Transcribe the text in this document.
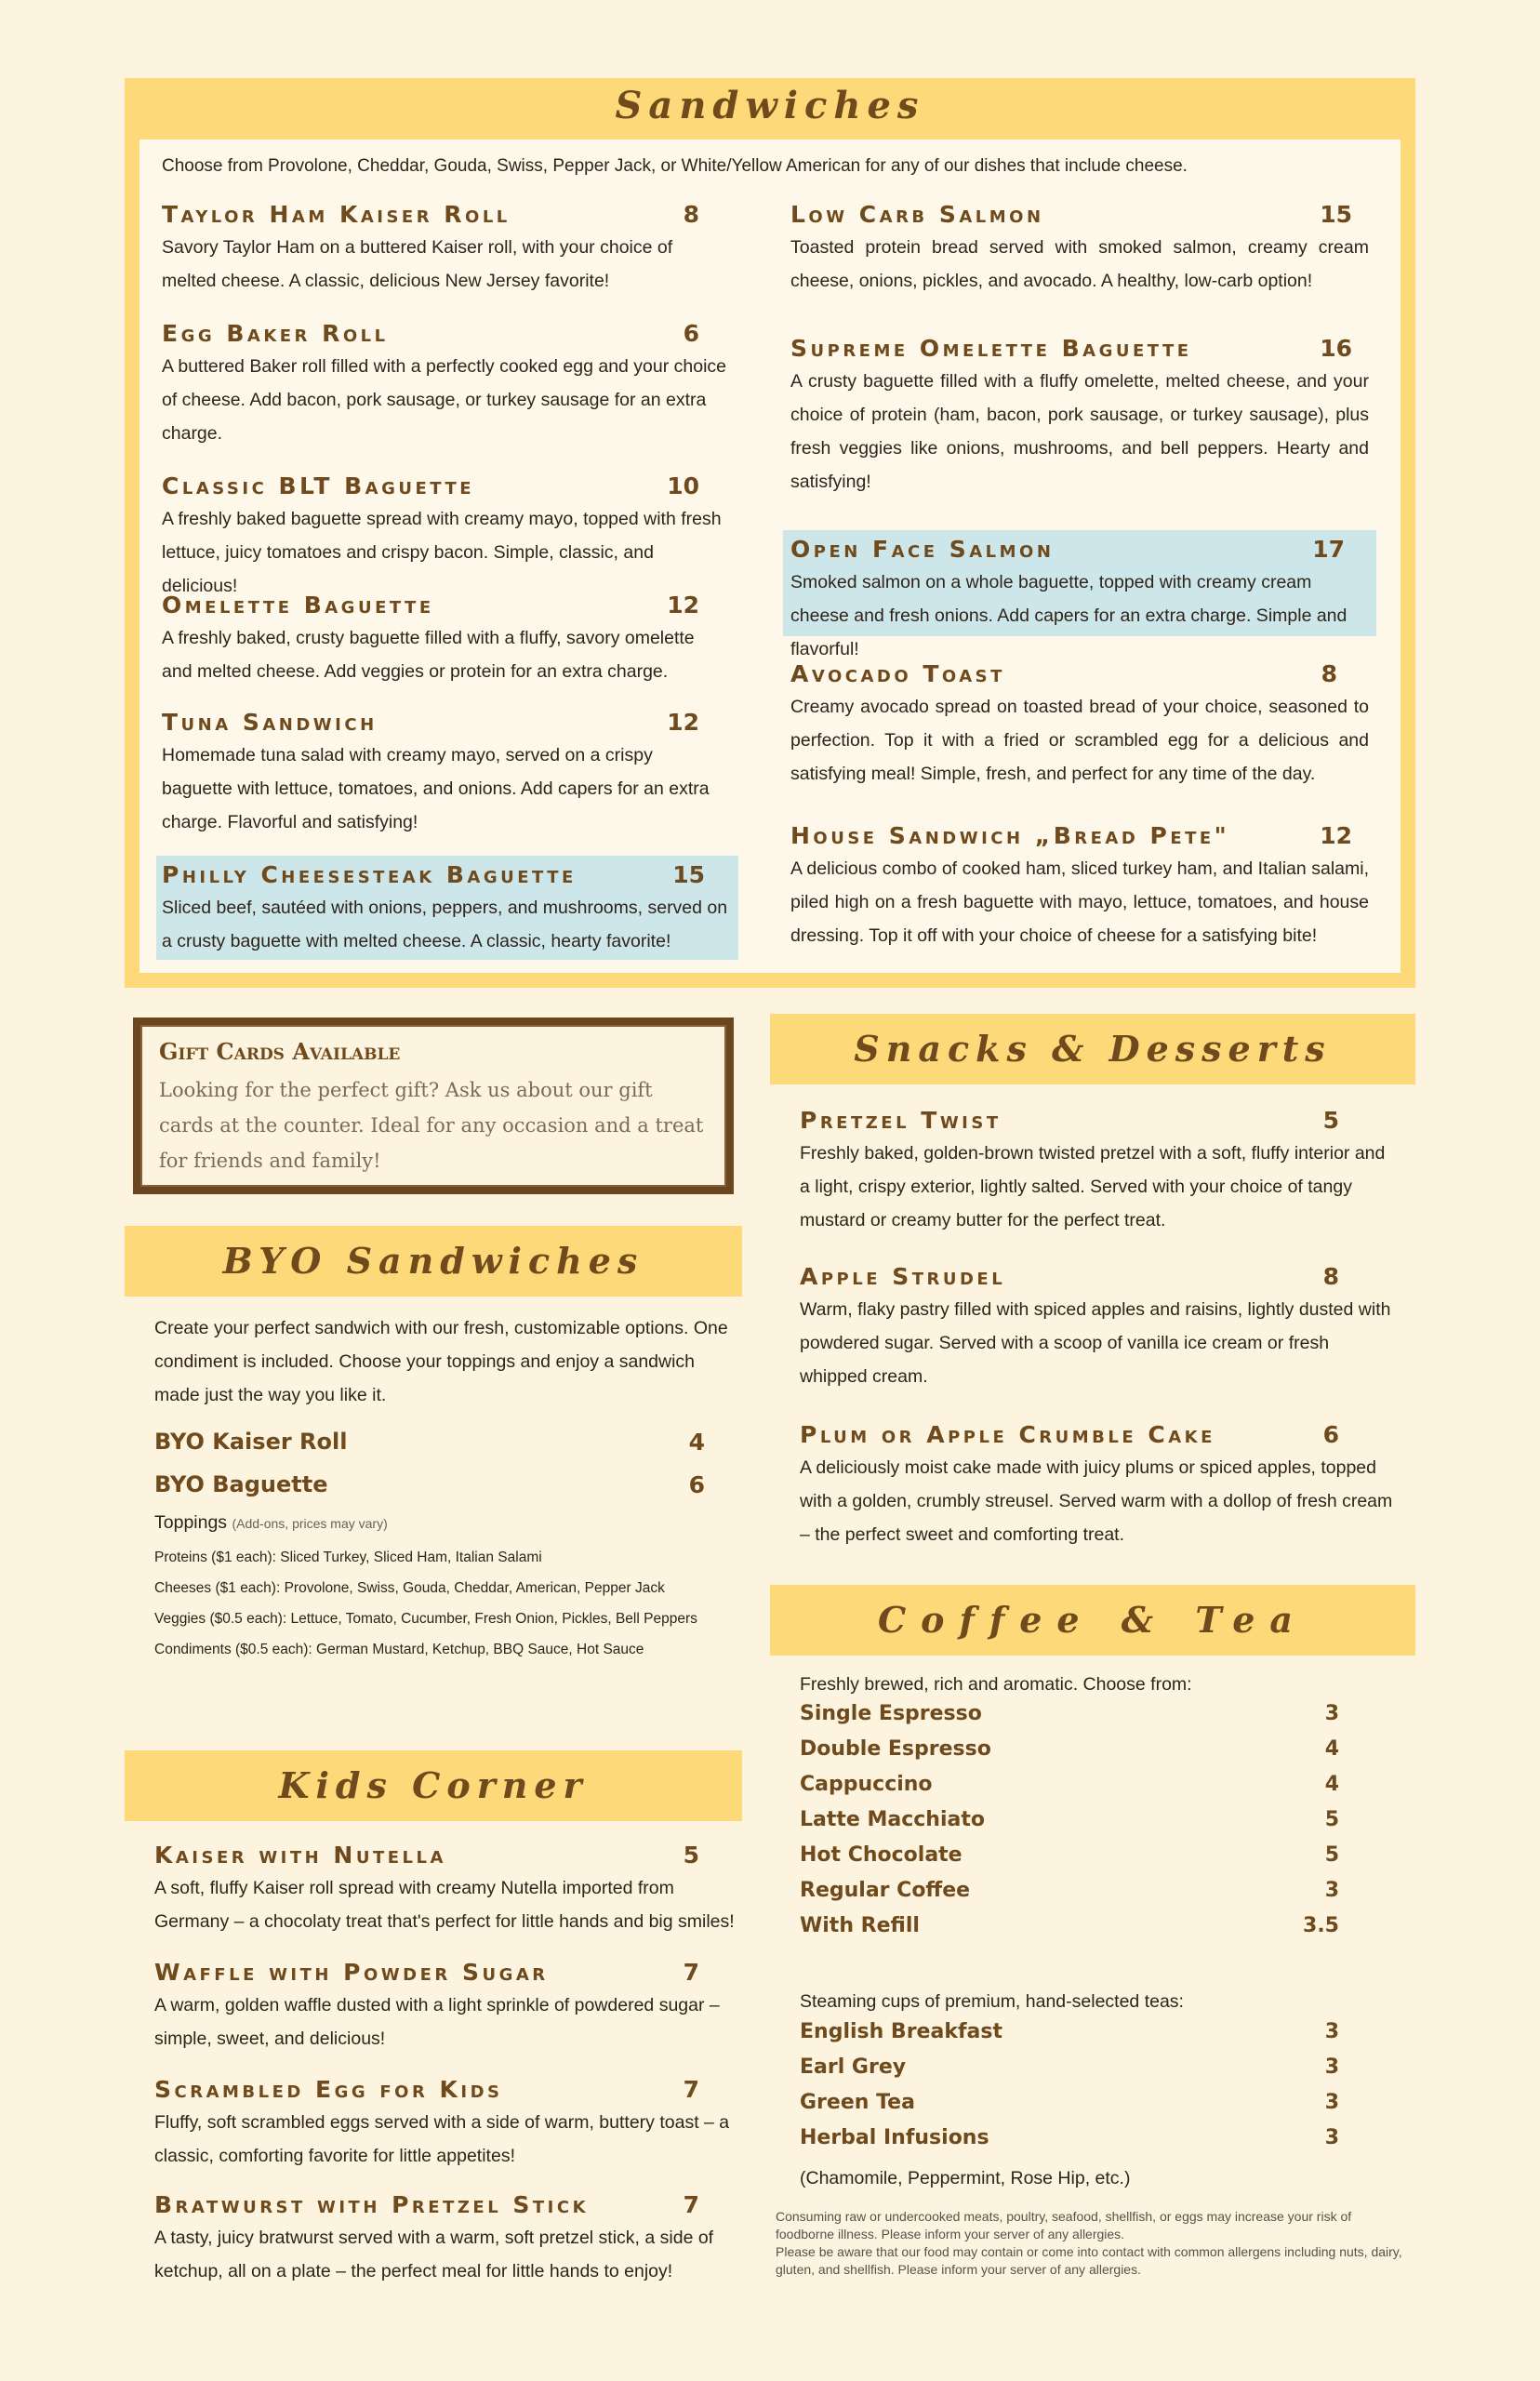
Sandwiches
Choose from Provolone, Cheddar, Gouda, Swiss, Pepper Jack, or White/Yellow American for any of our dishes that include cheese.
Taylor Ham Kaiser Roll	8
Savory Taylor Ham on a buttered Kaiser roll, with your choice of melted cheese. A classic, delicious New Jersey favorite!
Egg Baker Roll	6
A buttered Baker roll filled with a perfectly cooked egg and your choice of cheese. Add bacon, pork sausage, or turkey sausage for an extra charge.
Classic BLT Baguette	10
A freshly baked baguette spread with creamy mayo, topped with fresh lettuce, juicy tomatoes and crispy bacon. Simple, classic, and delicious!
Omelette Baguette	12
A freshly baked, crusty baguette filled with a fluffy, savory omelette and melted cheese. Add veggies or protein for an extra charge.
Tuna Sandwich	12
Homemade tuna salad with creamy mayo, served on a crispy baguette with lettuce, tomatoes, and onions. Add capers for an extra charge. Flavorful and satisfying!
Philly Cheesesteak Baguette	15
Sliced beef, sautéed with onions, peppers, and mushrooms, served on a crusty baguette with melted cheese. A classic, hearty favorite!
Low Carb Salmon	15
Toasted protein bread served with smoked salmon, creamy cream cheese, onions, pickles, and avocado. A healthy, low-carb option!
Supreme Omelette Baguette	16
A crusty baguette filled with a fluffy omelette, melted cheese, and your choice of protein (ham, bacon, pork sausage, or turkey sausage), plus fresh veggies like onions, mushrooms, and bell peppers. Hearty and satisfying!
Open Face Salmon	17
Smoked salmon on a whole baguette, topped with creamy cream cheese and fresh onions. Add capers for an extra charge. Simple and flavorful!
Avocado Toast	8
Creamy avocado spread on toasted bread of your choice, seasoned to perfection. Top it with a fried or scrambled egg for a delicious and satisfying meal! Simple, fresh, and perfect for any time of the day.
House Sandwich „Bread Pete"	12
A delicious combo of cooked ham, sliced turkey ham, and Italian salami, piled high on a fresh baguette with mayo, lettuce, tomatoes, and house dressing. Top it off with your choice of cheese for a satisfying bite!
Gift Cards Available
Looking for the perfect gift? Ask us about our gift cards at the counter. Ideal for any occasion and a treat for friends and family!
BYO Sandwiches
Create your perfect sandwich with our fresh, customizable options. One condiment is included. Choose your toppings and enjoy a sandwich made just the way you like it.
BYO Kaiser Roll	4
BYO Baguette	6
Toppings (Add-ons, prices may vary)
Proteins ($1 each): Sliced Turkey, Sliced Ham, Italian Salami
Cheeses ($1 each): Provolone, Swiss, Gouda, Cheddar, American, Pepper Jack
Veggies ($0.5 each): Lettuce, Tomato, Cucumber, Fresh Onion, Pickles, Bell Peppers
Condiments ($0.5 each): German Mustard, Ketchup, BBQ Sauce, Hot Sauce
Kids Corner
Kaiser with Nutella	5
A soft, fluffy Kaiser roll spread with creamy Nutella imported from Germany – a chocolaty treat that's perfect for little hands and big smiles!
Waffle with Powder Sugar	7
A warm, golden waffle dusted with a light sprinkle of powdered sugar – simple, sweet, and delicious!
Scrambled Egg for Kids	7
Fluffy, soft scrambled eggs served with a side of warm, buttery toast – a classic, comforting favorite for little appetites!
Bratwurst with Pretzel Stick	7
A tasty, juicy bratwurst served with a warm, soft pretzel stick, a side of ketchup, all on a plate – the perfect meal for little hands to enjoy!
Snacks & Desserts
Pretzel Twist	5
Freshly baked, golden-brown twisted pretzel with a soft, fluffy interior and a light, crispy exterior, lightly salted. Served with your choice of tangy mustard or creamy butter for the perfect treat.
Apple Strudel	8
Warm, flaky pastry filled with spiced apples and raisins, lightly dusted with powdered sugar. Served with a scoop of vanilla ice cream or fresh whipped cream.
Plum or Apple Crumble Cake	6
A deliciously moist cake made with juicy plums or spiced apples, topped with a golden, crumbly streusel. Served warm with a dollop of fresh cream – the perfect sweet and comforting treat.
Coffee & Tea
Freshly brewed, rich and aromatic. Choose from:
Single Espresso	3
Double Espresso	4
Cappuccino	4
Latte Macchiato	5
Hot Chocolate	5
Regular Coffee	3
With Refill	3.5
Steaming cups of premium, hand-selected teas:
English Breakfast	3
Earl Grey	3
Green Tea	3
Herbal Infusions	3
(Chamomile, Peppermint, Rose Hip, etc.)
Consuming raw or undercooked meats, poultry, seafood, shellfish, or eggs may increase your risk of foodborne illness. Please inform your server of any allergies.
Please be aware that our food may contain or come into contact with common allergens including nuts, dairy, gluten, and shellfish. Please inform your server of any allergies.
